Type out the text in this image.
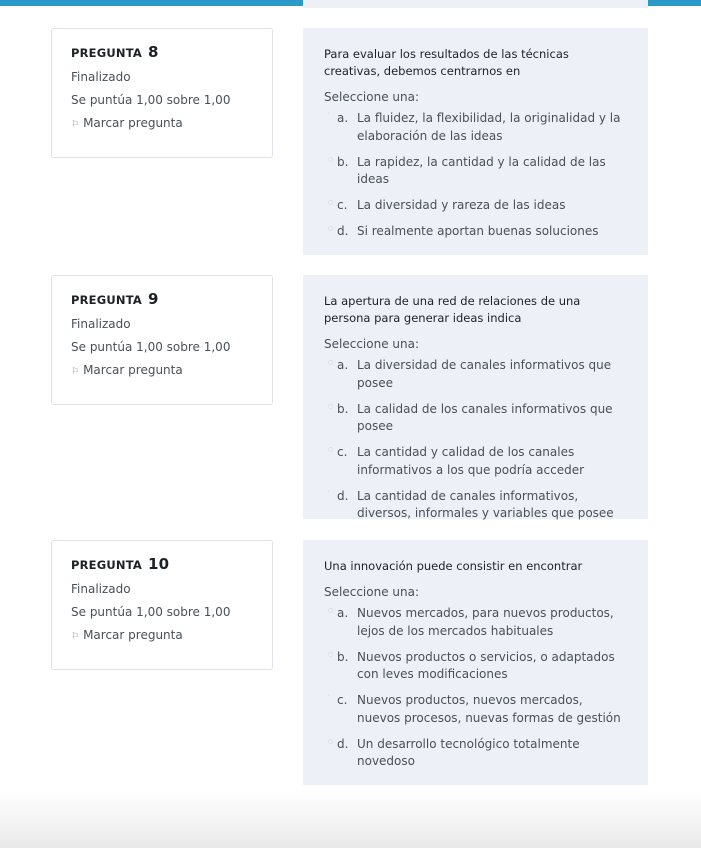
PREGUNTA 8
Finalizado
Se puntúa 1,00 sobre 1,00
⚐ Marcar pregunta
Para evaluar los resultados de las técnicas creativas, debemos centrarnos en
Seleccione una:
' a. La fluidez, la flexibilidad, la originalidad y la elaboración de las ideas
○ b. La rapidez, la cantidad y la calidad de las ideas
○ c. La diversidad y rareza de las ideas
○ d. Si realmente aportan buenas soluciones
PREGUNTA 9
Finalizado
Se puntúa 1,00 sobre 1,00
⚐ Marcar pregunta
La apertura de una red de relaciones de una persona para generar ideas indica
Seleccione una:
○ a. La diversidad de canales informativos que posee
○ b. La calidad de los canales informativos que posee
○ c. La cantidad y calidad de los canales informativos a los que podría acceder
' d. La cantidad de canales informativos, diversos, informales y variables que posee
PREGUNTA 10
Finalizado
Se puntúa 1,00 sobre 1,00
⚐ Marcar pregunta
Una innovación puede consistir en encontrar
Seleccione una:
○ a. Nuevos mercados, para nuevos productos, lejos de los mercados habituales
○ b. Nuevos productos o servicios, o adaptados con leves modificaciones
' c. Nuevos productos, nuevos mercados, nuevos procesos, nuevas formas de gestión
○ d. Un desarrollo tecnológico totalmente novedoso
